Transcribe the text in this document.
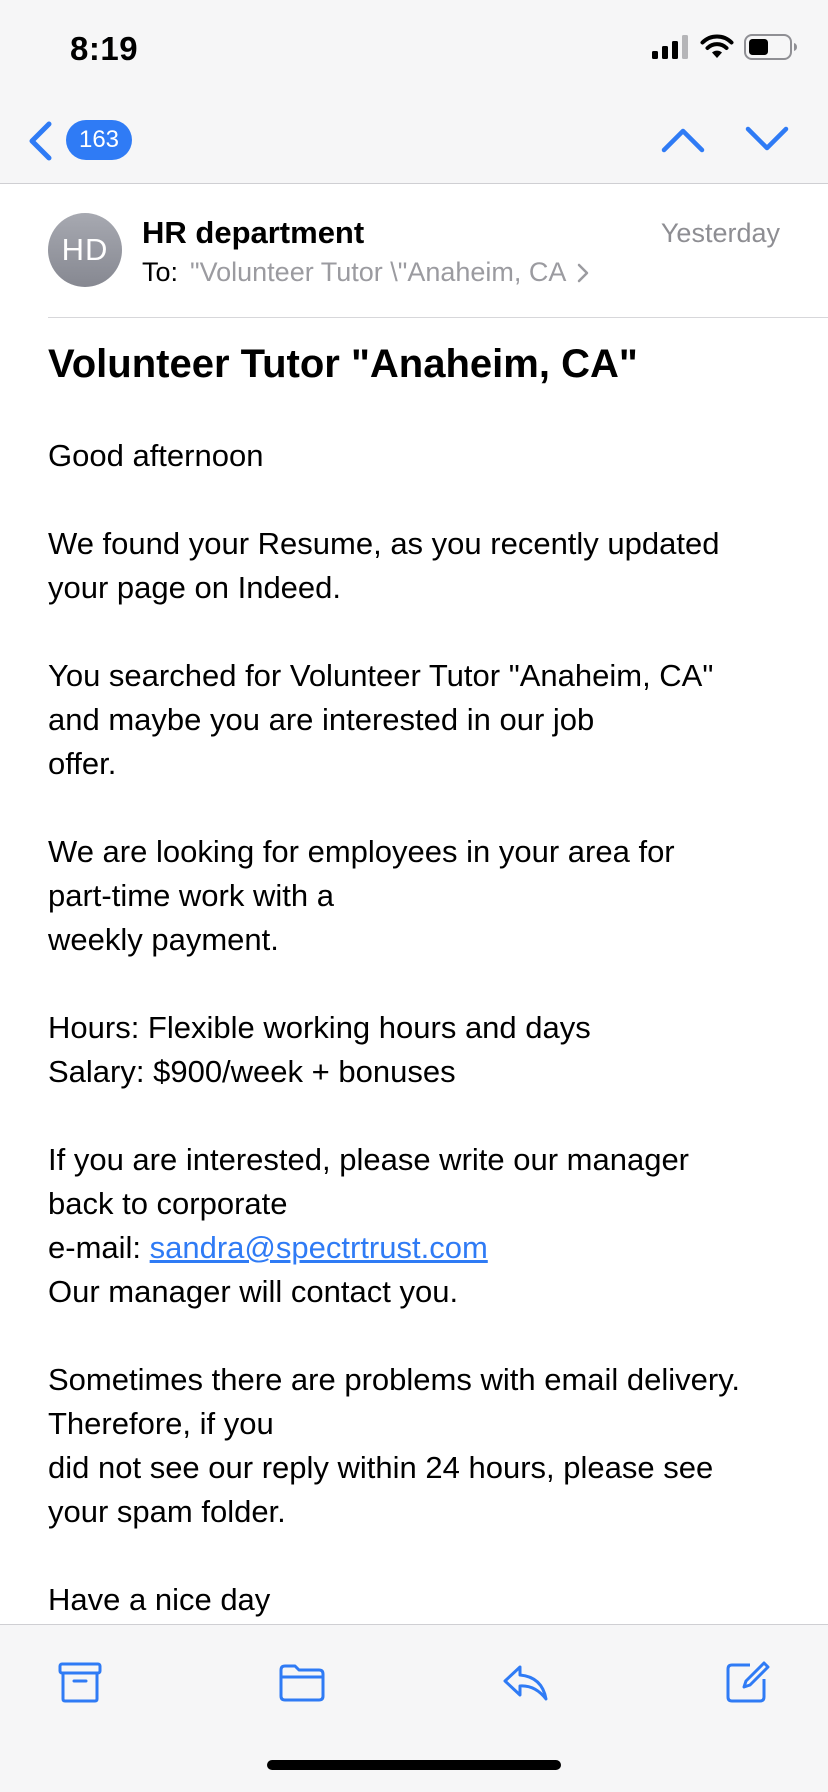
8:19
163
HD	HR department	Yesterday
To: "Volunteer Tutor \"Anaheim, CA
Volunteer Tutor "Anaheim, CA"

Good afternoon

We found your Resume, as you recently updated
your page on Indeed.

You searched for Volunteer Tutor "Anaheim, CA"
and maybe you are interested in our job
offer.

We are looking for employees in your area for
part-time work with a
weekly payment.

Hours: Flexible working hours and days
Salary: $900/week + bonuses

If you are interested, please write our manager
back to corporate
e-mail: sandra@spectrtrust.com
Our manager will contact you.

Sometimes there are problems with email delivery.
Therefore, if you
did not see our reply within 24 hours, please see
your spam folder.

Have a nice day
